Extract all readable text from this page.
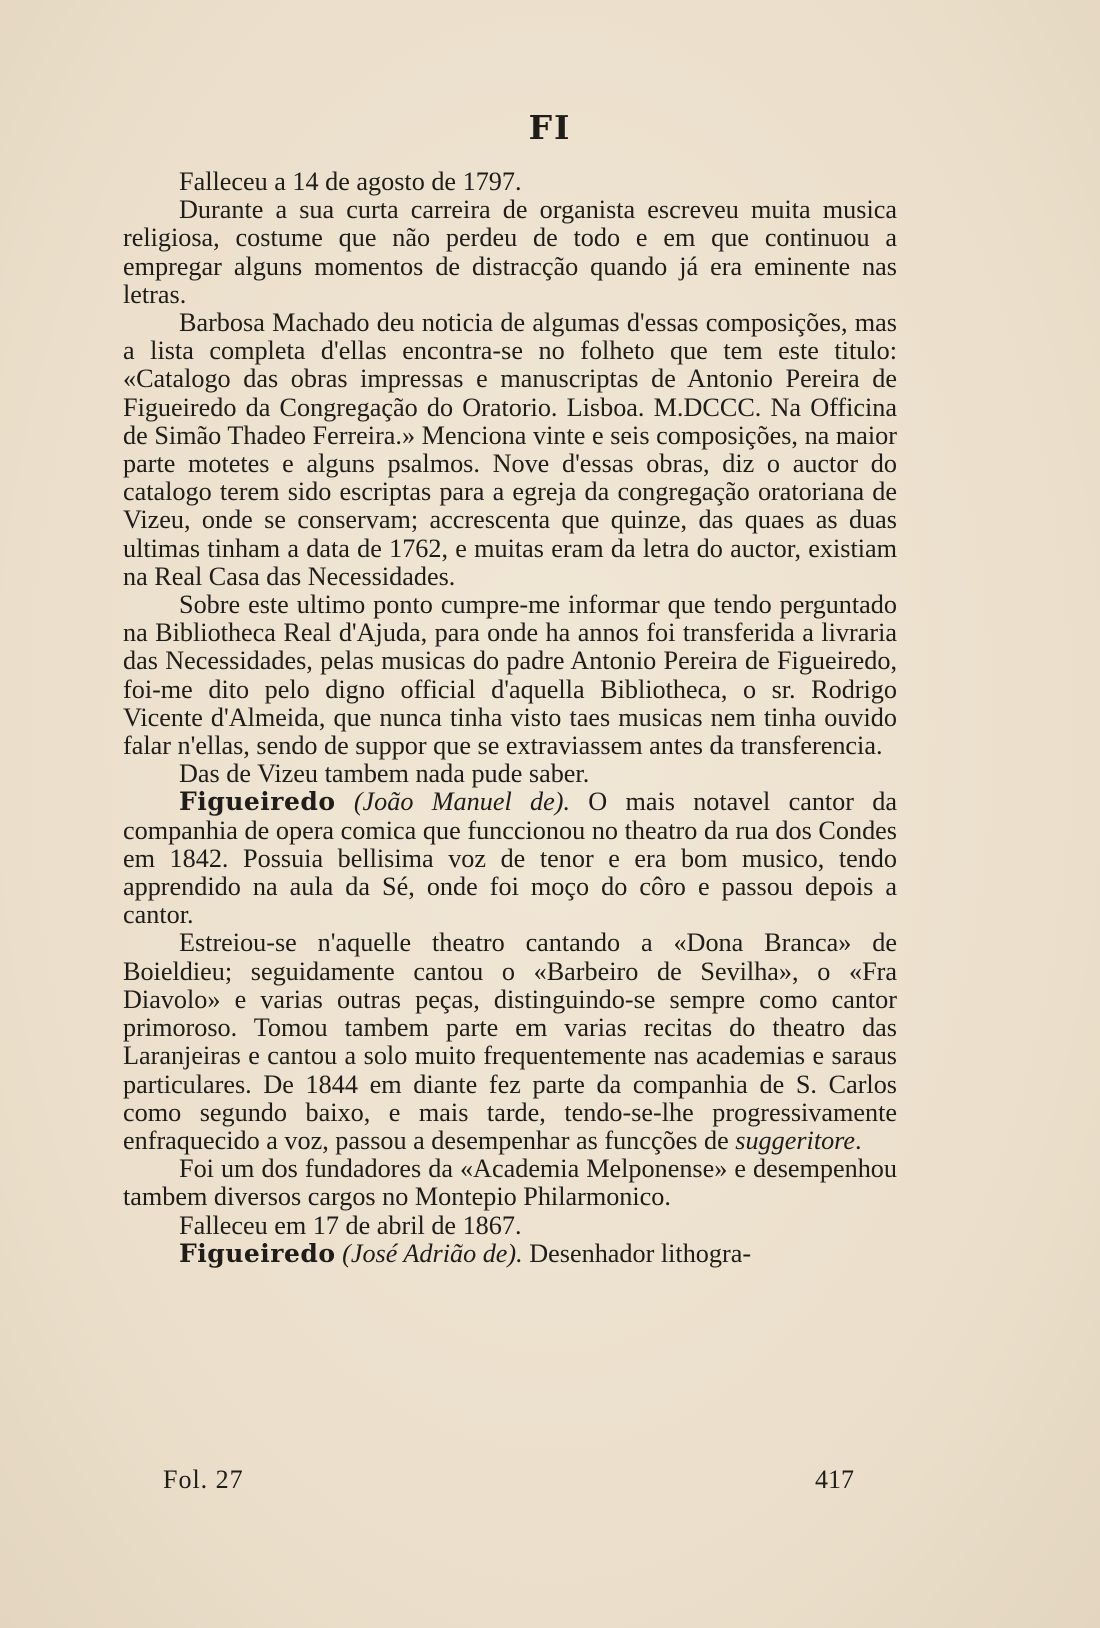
FI

Falleceu a 14 de agosto de 1797.

Durante a sua curta carreira de organista escreveu muita musica religiosa, costume que não perdeu de todo e em que continuou a empregar alguns momentos de distracção quando já era eminente nas letras.

Barbosa Machado deu noticia de algumas d'essas composições, mas a lista completa d'ellas encontra-se no folheto que tem este titulo: «Catalogo das obras impressas e manuscriptas de Antonio Pereira de Figueiredo da Congregação do Oratorio. Lisboa. M.DCCC. Na Officina de Simão Thadeo Ferreira.» Menciona vinte e seis composições, na maior parte motetes e alguns psalmos. Nove d'essas obras, diz o auctor do catalogo terem sido escriptas para a egreja da congregação oratoriana de Vizeu, onde se conservam; accrescenta que quinze, das quaes as duas ultimas tinham a data de 1762, e muitas eram da letra do auctor, existiam na Real Casa das Necessidades.

Sobre este ultimo ponto cumpre-me informar que tendo perguntado na Bibliotheca Real d'Ajuda, para onde ha annos foi transferida a livraria das Necessidades, pelas musicas do padre Antonio Pereira de Figueiredo, foi-me dito pelo digno official d'aquella Bibliotheca, o sr. Rodrigo Vicente d'Almeida, que nunca tinha visto taes musicas nem tinha ouvido falar n'ellas, sendo de suppor que se extraviassem antes da transferencia.

Das de Vizeu tambem nada pude saber.

Figueiredo (João Manuel de). O mais notavel cantor da companhia de opera comica que funccionou no theatro da rua dos Condes em 1842. Possuia bellisima voz de tenor e era bom musico, tendo apprendido na aula da Sé, onde foi moço do côro e passou depois a cantor.

Estreiou-se n'aquelle theatro cantando a «Dona Branca» de Boieldieu; seguidamente cantou o «Barbeiro de Sevilha», o «Fra Diavolo» e varias outras peças, distinguindo-se sempre como cantor primoroso. Tomou tambem parte em varias recitas do theatro das Laranjeiras e cantou a solo muito frequentemente nas academias e saraus particulares. De 1844 em diante fez parte da companhia de S. Carlos como segundo baixo, e mais tarde, tendo-se-lhe progressivamente enfraquecido a voz, passou a desempenhar as funcções de suggeritore.

Foi um dos fundadores da «Academia Melponense» e desempenhou tambem diversos cargos no Montepio Philarmonico.

Falleceu em 17 de abril de 1867.

Figueiredo (José Adrião de). Desenhador lithogra-

Fol. 27	417
